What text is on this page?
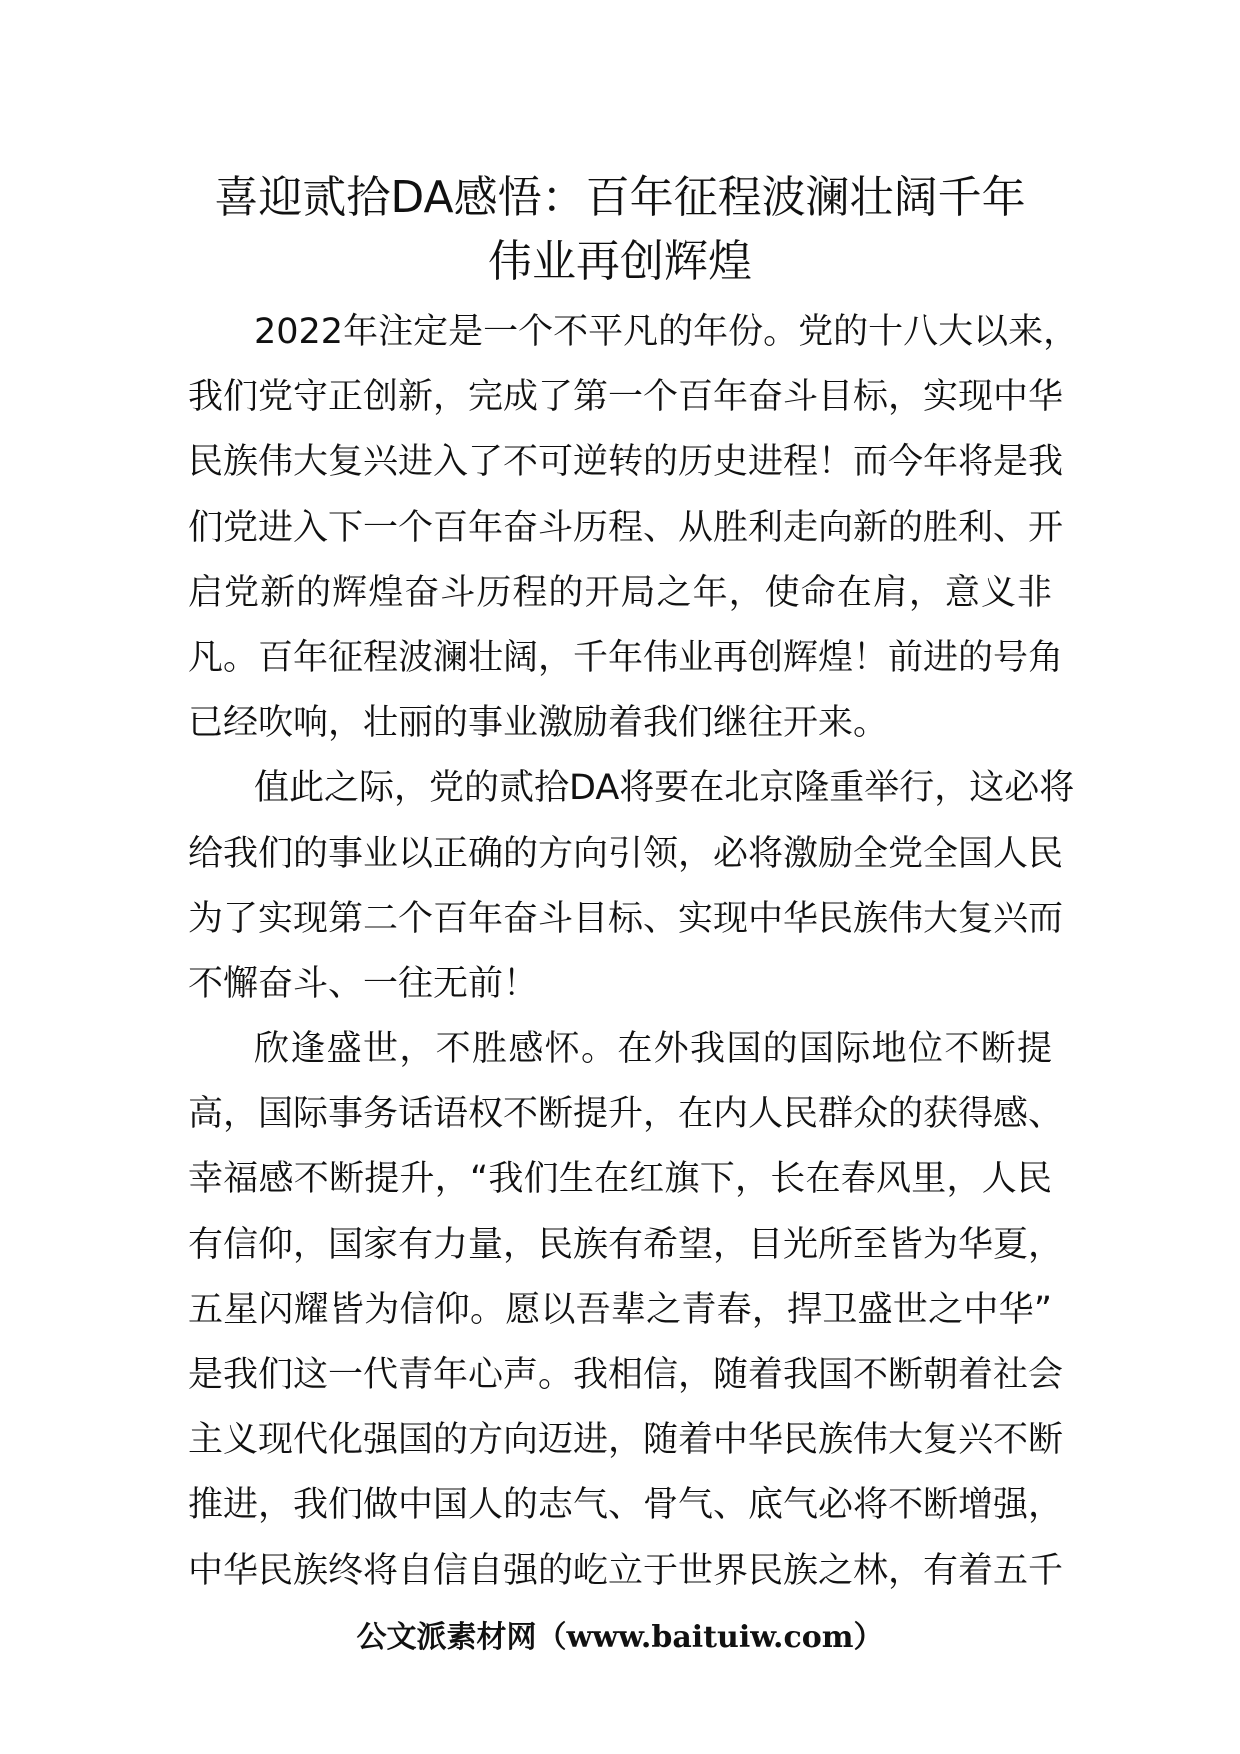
喜迎贰拾DA感悟：百年征程波澜壮阔千年
伟业再创辉煌
2022年注定是一个不平凡的年份。党的十八大以来，
我们党守正创新，完成了第一个百年奋斗目标，实现中华
民族伟大复兴进入了不可逆转的历史进程！而今年将是我
们党进入下一个百年奋斗历程、从胜利走向新的胜利、开
启党新的辉煌奋斗历程的开局之年，使命在肩，意义非
凡。百年征程波澜壮阔，千年伟业再创辉煌！前进的号角
已经吹响，壮丽的事业激励着我们继往开来。
值此之际，党的贰拾DA将要在北京隆重举行，这必将
给我们的事业以正确的方向引领，必将激励全党全国人民
为了实现第二个百年奋斗目标、实现中华民族伟大复兴而
不懈奋斗、一往无前！
欣逢盛世，不胜感怀。在外我国的国际地位不断提
高，国际事务话语权不断提升，在内人民群众的获得感、
幸福感不断提升，“我们生在红旗下，长在春风里，人民
有信仰，国家有力量，民族有希望，目光所至皆为华夏，
五星闪耀皆为信仰。愿以吾辈之青春，捍卫盛世之中华”
是我们这一代青年心声。我相信，随着我国不断朝着社会
主义现代化强国的方向迈进，随着中华民族伟大复兴不断
推进，我们做中国人的志气、骨气、底气必将不断增强，
中华民族终将自信自强的屹立于世界民族之林，有着五千
公文派素材网（www.baituiw.com）
